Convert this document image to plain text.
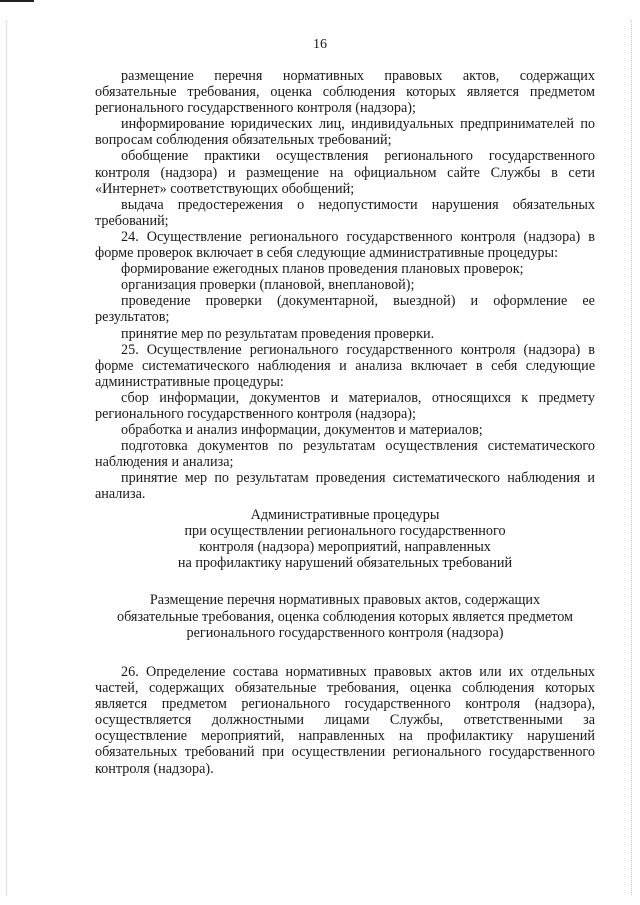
16

размещение перечня нормативных правовых актов, содержащих обязательные требования, оценка соблюдения которых является предметом регионального государственного контроля (надзора);

информирование юридических лиц, индивидуальных предпринимателей по вопросам соблюдения обязательных требований;

обобщение практики осуществления регионального государственного контроля (надзора) и размещение на официальном сайте Службы в сети «Интернет» соответствующих обобщений;

выдача предостережения о недопустимости нарушения обязательных требований;

24. Осуществление регионального государственного контроля (надзора) в форме проверок включает в себя следующие административные процедуры:

формирование ежегодных планов проведения плановых проверок;

организация проверки (плановой, внеплановой);

проведение проверки (документарной, выездной) и оформление ее результатов;

принятие мер по результатам проведения проверки.

25. Осуществление регионального государственного контроля (надзора) в форме систематического наблюдения и анализа включает в себя следующие административные процедуры:

сбор информации, документов и материалов, относящихся к предмету регионального государственного контроля (надзора);

обработка и анализ информации, документов и материалов;

подготовка документов по результатам осуществления систематического наблюдения и анализа;

принятие мер по результатам проведения систематического наблюдения и анализа.

Административные процедуры
при осуществлении регионального государственного
контроля (надзора) мероприятий, направленных
на профилактику нарушений обязательных требований
Размещение перечня нормативных правовых актов, содержащих
обязательные требования, оценка соблюдения которых является предметом
регионального государственного контроля (надзора)

26. Определение состава нормативных правовых актов или их отдельных частей, содержащих обязательные требования, оценка соблюдения которых является предметом регионального государственного контроля (надзора), осуществляется должностными лицами Службы, ответственными за осуществление мероприятий, направленных на профилактику нарушений обязательных требований при осуществлении регионального государственного контроля (надзора).
